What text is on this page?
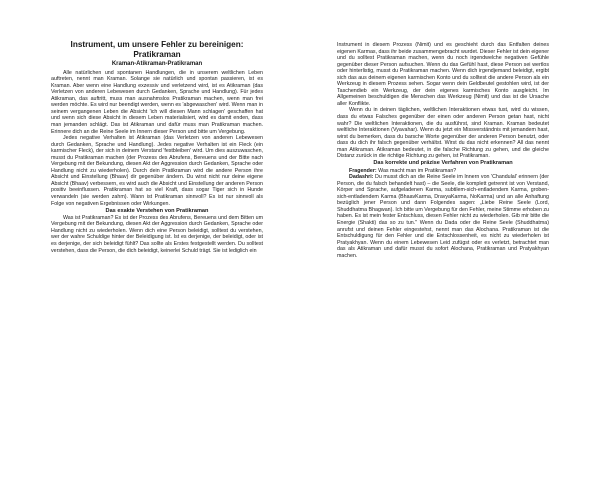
Instrument, um unsere Fehler zu bereinigen: Pratikraman
Kraman-Atikraman-Pratikraman

Alle natürlichen und spontanen Handlungen, die in unserem weltlichen Leben auftreten, nennt man Kraman. Solange sie natürlich und spontan passieren, ist es Kraman. Aber wenn eine Handlung exzessiv und verletzend wird, ist es Atikraman (das Verletzen von anderen Lebewesen durch Gedanken, Sprache und Handlung). Für jedes Atikraman, das auftritt, muss man ausnahmslos Pratikraman machen, wenn man frei werden möchte. Es wird nur beendigt werden, wenn es 'abgewaschen' wird. Wenn man in seinem vergangenen Leben die Absicht 'ich will diesen Mann schlagen' geschaffen hat und wenn sich diese Absicht in diesem Leben materialisiert, wird es damit enden, dass man jemanden schlägt. Das ist Atikraman und dafür muss man Pratikraman machen. Erinnere dich an die Reine Seele im Innern dieser Person und bitte um Vergebung.

Jedes negative Verhalten ist Atikraman (das Verletzen von anderen Lebewesen durch Gedanken, Sprache und Handlung). Jedes negative Verhalten ist ein Fleck (ein karmischer Fleck), der sich in deinem Verstand 'festbleiben' wird. Um dies auszuwaschen, musst du Pratikraman machen (der Prozess des Abrufens, Bereuens und der Bitte nach Vergebung mit der Bekundung, diesen Akt der Aggression durch Gedanken, Sprache oder Handlung nicht zu wiederholen). Durch dein Pratikraman wird die andere Person ihre Absicht und Einstellung (Bhaav) dir gegenüber ändern. Du wirst nicht nur deine eigene Absicht (Bhaav) verbessern, es wird auch die Absicht und Einstellung der anderen Person positiv beeinflussen. Pratikraman hat so viel Kraft, dass sogar Tiger sich in Hunde verwandeln (sie werden zahm). Wann ist Pratikraman sinnvoll? Es ist nur sinnvoll als Folge von negativen Ergebnissen oder Wirkungen.

Das exakte Verstehen von Pratikraman

Was ist Pratikraman? Es ist der Prozess des Abrufens, Bereuens und dem Bitten um Vergebung mit der Bekundung, diesen Akt der Aggression durch Gedanken, Sprache oder Handlung nicht zu wiederholen. Wenn dich eine Person beleidigt, solltest du verstehen, wer der wahre Schuldige hinter der Beleidigung ist. Ist es derjenige, der beleidigt, oder ist es derjenige, der sich beleidigt fühlt? Das sollte als Erstes festgestellt werden. Du solltest verstehen, dass die Person, die dich beleidigt, keinerlei Schuld trägt. Sie ist lediglich ein

Instrument in diesem Prozess (Nimit) und es geschieht durch das Entfalten deines eigenen Karmas, dass ihr beide zusammengebracht wurdet. Dieser Fehler ist dein eigener und du solltest Pratikraman machen, wenn du noch irgendwelche negativen Gefühle gegenüber dieser Person aufsuchen. Wenn du das Gefühl hast, diese Person sei wertlos oder hinterlistig, musst du Pratikraman machen. Wenn dich irgendjemand beleidigt, ergibt sich das aus deinem eigenen karmischen Konto und du solltest die andere Person als ein Werkzeug in diesem Prozess sehen. Sogar wenn dein Geldbeutel gestohlen wird, ist der Taschendieb ein Werkzeug, der dein eigenes karmisches Konto ausgleicht. Im Allgemeinen beschuldigen die Menschen das Werkzeug (Nimit) und das ist die Ursache aller Konflikte.

Wenn du in deinen täglichen, weltlichen Interaktionen etwas tust, wird du wissen, dass du etwas Falsches gegenüber der einen oder anderen Person getan hast, nicht wahr? Die weltlichen Interaktionen, die du ausführst, sind Kraman. Kraman bedeutet weltliche Interaktionen (Vyavahar). Wenn du jetzt ein Missverständnis mit jemandem hast, wirst du bemerken, dass du barsche Worte gegenüber der anderen Person benutzt, oder dass du dich ihr falsch gegenüber verhältst. Wirst du das nicht erkennen? All das nennt man Atikraman. Atikraman bedeutet, in die falsche Richtung zu gehen, und die gleiche Distanz zurück in die richtige Richtung zu gehen, ist Pratikraman.

Das korrekte und präzise Verfahren von Pratikraman

Fragender: Was macht man im Pratikraman?

Dadashri: Du musst dich an die Reine Seele im Innern von 'Chandulal' erinnern (der Person, die du falsch behandelt hast) – die Seele, die komplett getrennt ist von Verstand, Körper und Sprache, aufgeladenen Karma, subtilem-sich-entladendem Karma, groben-sich-entladendem Karma (BhaavKarma, DravyaKarma, NoKarma) und an alle Anhaftung bezüglich jener Person und dann Folgendes sagen: „Liebe Reine Seele (Lord, Shuddhatma Bhagwan). Ich bitte um Vergebung für den Fehler, meine Stimme erhoben zu haben. Es ist mein fester Entschluss, diesen Fehler nicht zu wiederholen. Gib mir bitte die Energie (Shakti) das so zu tun." Wenn du Dada oder die Reine Seele (Shuddhatma) anrufst und deinen Fehler eingestehst, nennt man das Alochana. Pratikraman ist die Entschuldigung für den Fehler und die Entschlossenheit, es nicht zu wiederholen ist Pratyakhyan. Wenn du einem Lebewesen Leid zufügst oder es verletzt, betrachtet man das als Atikraman und dafür musst du sofort Alochana, Pratikraman und Pratyakhyan machen.
